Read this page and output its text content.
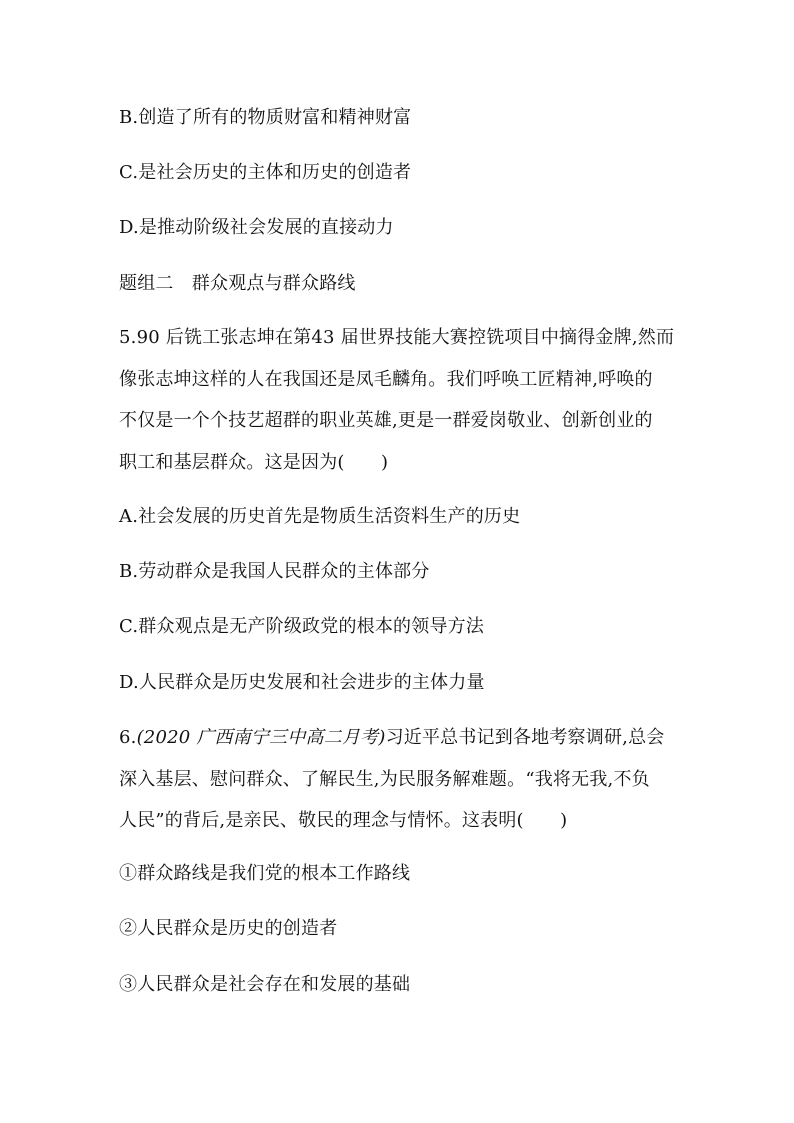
B.创造了所有的物质财富和精神财富
C.是社会历史的主体和历史的创造者
D.是推动阶级社会发展的直接动力
题组二　群众观点与群众路线
5.90 后铣工张志坤在第43 届世界技能大赛控铣项目中摘得金牌,然而
像张志坤这样的人在我国还是凤毛麟角。我们呼唤工匠精神,呼唤的
不仅是一个个技艺超群的职业英雄,更是一群爱岗敬业、创新创业的
职工和基层群众。这是因为(　　)
A.社会发展的历史首先是物质生活资料生产的历史
B.劳动群众是我国人民群众的主体部分
C.群众观点是无产阶级政党的根本的领导方法
D.人民群众是历史发展和社会进步的主体力量
6.(2020 广西南宁三中高二月考)习近平总书记到各地考察调研,总会
深入基层、慰问群众、了解民生,为民服务解难题。“我将无我,不负
人民”的背后,是亲民、敬民的理念与情怀。这表明(　　)
①群众路线是我们党的根本工作路线
②人民群众是历史的创造者
③人民群众是社会存在和发展的基础
